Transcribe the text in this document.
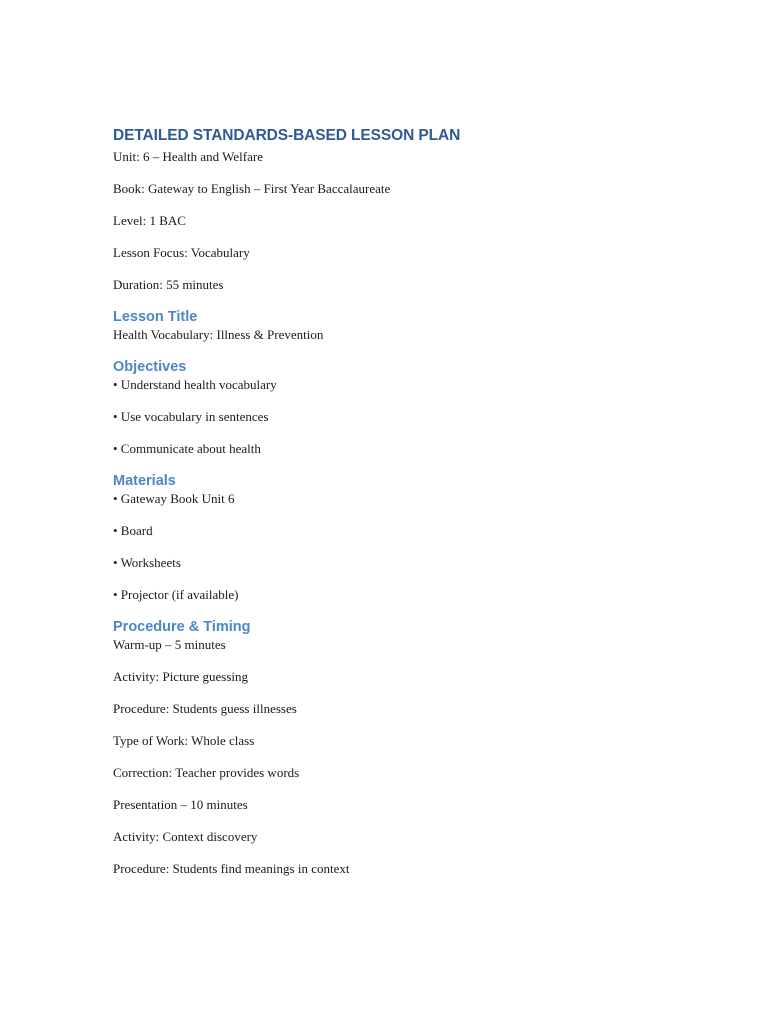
DETAILED STANDARDS-BASED LESSON PLAN

Unit: 6 – Health and Welfare

Book: Gateway to English – First Year Baccalaureate

Level: 1 BAC

Lesson Focus: Vocabulary

Duration: 55 minutes

Lesson Title

Health Vocabulary: Illness & Prevention

Objectives

• Understand health vocabulary

• Use vocabulary in sentences

• Communicate about health

Materials

• Gateway Book Unit 6

• Board

• Worksheets

• Projector (if available)

Procedure & Timing

Warm-up – 5 minutes

Activity: Picture guessing

Procedure: Students guess illnesses

Type of Work: Whole class

Correction: Teacher provides words

Presentation – 10 minutes

Activity: Context discovery

Procedure: Students find meanings in context
